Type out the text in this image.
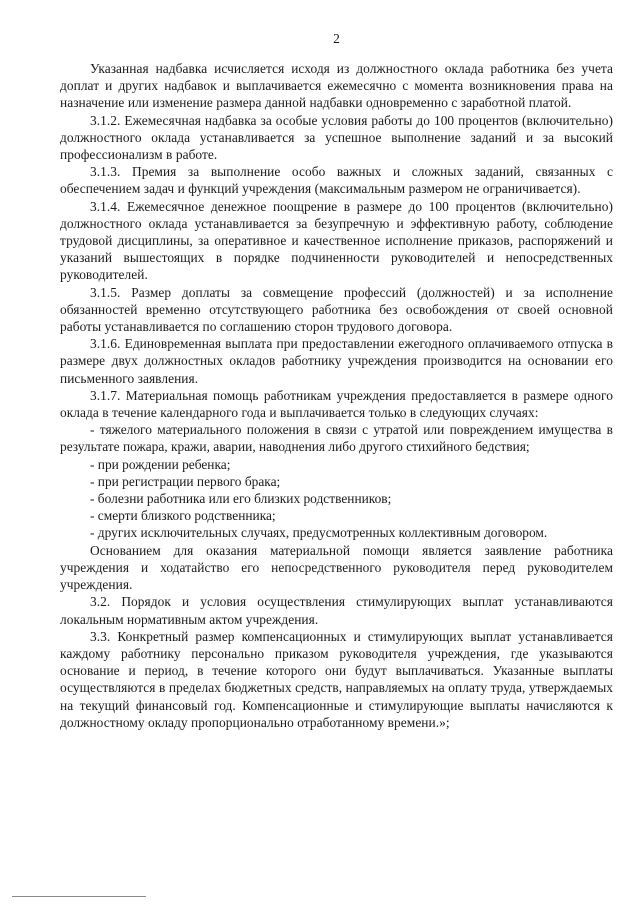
2

Указанная надбавка исчисляется исходя из должностного оклада работника без учета доплат и других надбавок и выплачивается ежемесячно с момента возникновения права на назначение или изменение размера данной надбавки одновременно с заработной платой.

3.1.2. Ежемесячная надбавка за особые условия работы до 100 процентов (включительно) должностного оклада устанавливается за успешное выполнение заданий и за высокий профессионализм в работе.

3.1.3. Премия за выполнение особо важных и сложных заданий, связанных с обеспечением задач и функций учреждения (максимальным размером не ограничивается).

3.1.4. Ежемесячное денежное поощрение в размере до 100 процентов (включительно) должностного оклада устанавливается за безупречную и эффективную работу, соблюдение трудовой дисциплины, за оперативное и качественное исполнение приказов, распоряжений и указаний вышестоящих в порядке подчиненности руководителей и непосредственных руководителей.

3.1.5. Размер доплаты за совмещение профессий (должностей) и за исполнение обязанностей временно отсутствующего работника без освобождения от своей основной работы устанавливается по соглашению сторон трудового договора.

3.1.6. Единовременная выплата при предоставлении ежегодного оплачиваемого отпуска в размере двух должностных окладов работнику учреждения производится на основании его письменного заявления.

3.1.7. Материальная помощь работникам учреждения предоставляется в размере одного оклада в течение календарного года и выплачивается только в следующих случаях:

- тяжелого материального положения в связи с утратой или повреждением имущества в результате пожара, кражи, аварии, наводнения либо другого стихийного бедствия;

- при рождении ребенка;

- при регистрации первого брака;

- болезни работника или его близких родственников;

- смерти близкого родственника;

- других исключительных случаях, предусмотренных коллективным договором.

Основанием для оказания материальной помощи является заявление работника учреждения и ходатайство его непосредственного руководителя перед руководителем учреждения.

3.2. Порядок и условия осуществления стимулирующих выплат устанавливаются локальным нормативным актом учреждения.

3.3. Конкретный размер компенсационных и стимулирующих выплат устанавливается каждому работнику персонально приказом руководителя учреждения, где указываются основание и период, в течение которого они будут выплачиваться. Указанные выплаты осуществляются в пределах бюджетных средств, направляемых на оплату труда, утверждаемых на текущий финансовый год. Компенсационные и стимулирующие выплаты начисляются к должностному окладу пропорционально отработанному времени.»;
